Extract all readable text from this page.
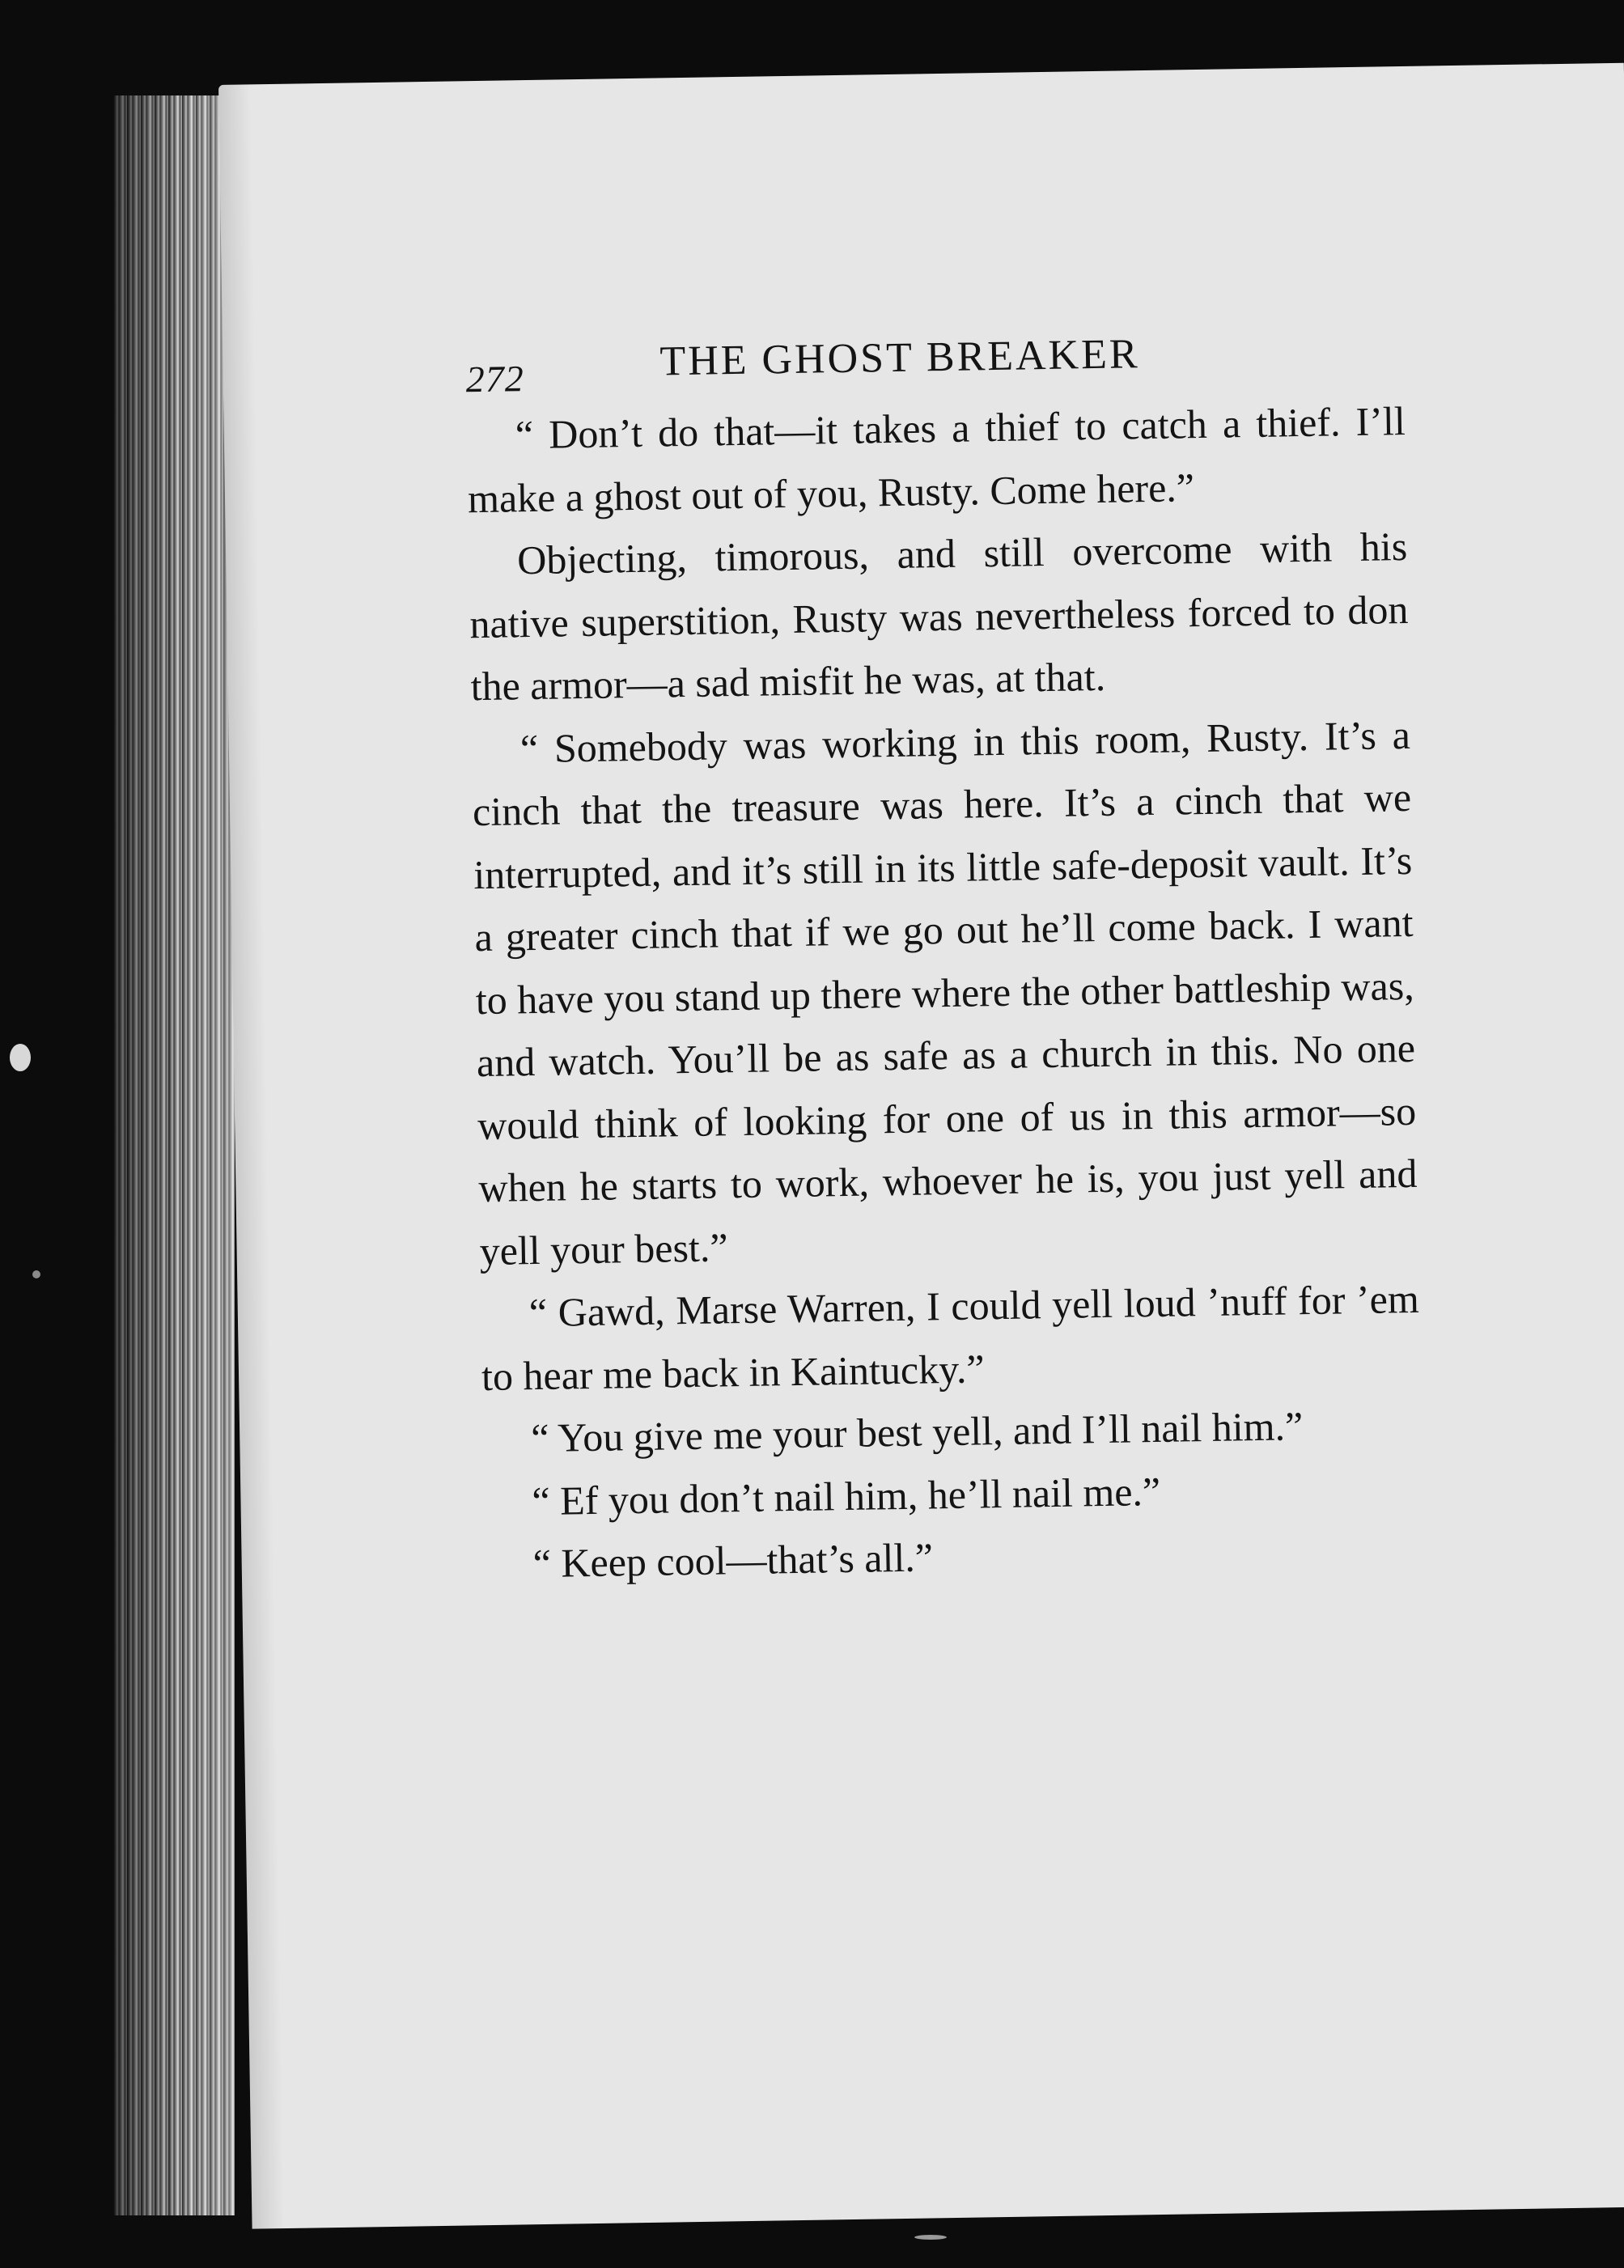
272	THE GHOST BREAKER

“ Don’t do that—it takes a thief to catch a thief. I’ll make a ghost out of you, Rusty. Come here.”

Objecting, timorous, and still overcome with his native superstition, Rusty was nevertheless forced to don the armor—a sad misfit he was, at that.

“ Somebody was working in this room, Rusty. It’s a cinch that the treasure was here. It’s a cinch that we interrupted, and it’s still in its little safe-deposit vault. It’s a greater cinch that if we go out he’ll come back. I want to have you stand up there where the other battleship was, and watch. You’ll be as safe as a church in this. No one would think of looking for one of us in this armor—so when he starts to work, whoever he is, you just yell and yell your best.”

“ Gawd, Marse Warren, I could yell loud ’nuff for ’em to hear me back in Kaintucky.”

“ You give me your best yell, and I’ll nail him.”

“ Ef you don’t nail him, he’ll nail me.”

“ Keep cool—that’s all.”
